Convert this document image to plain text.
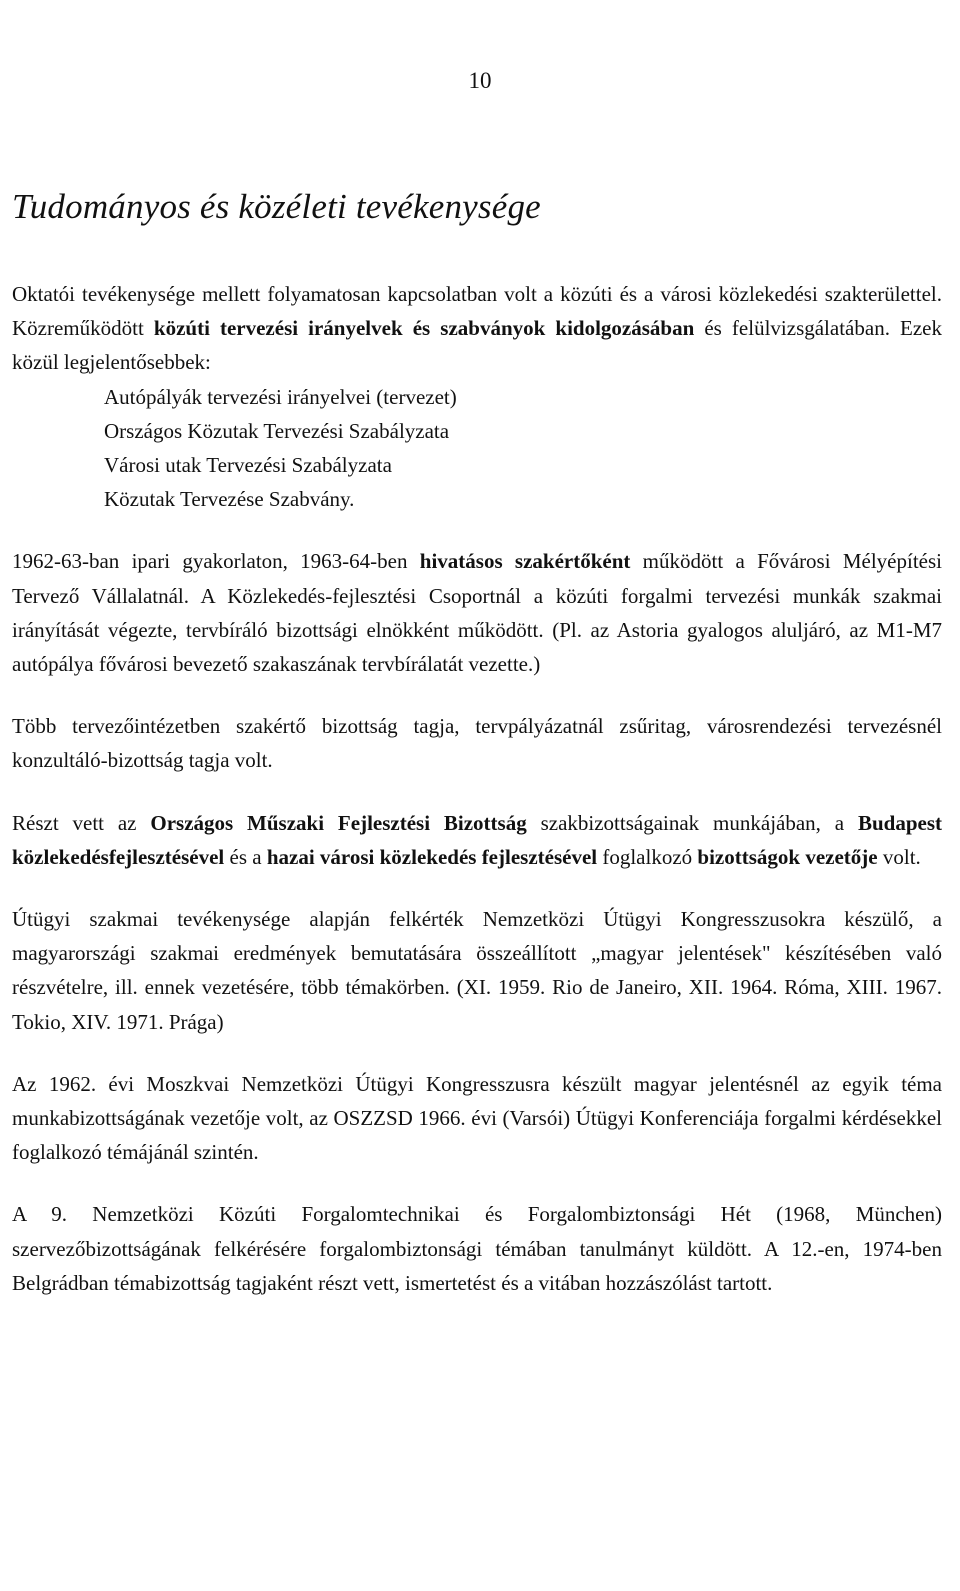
10
Tudományos és közéleti tevékenysége

Oktatói tevékenysége mellett folyamatosan kapcsolatban volt a közúti és a városi közlekedési szakterülettel. Közreműködött közúti tervezési irányelvek és szabványok kidolgozásában és felülvizsgálatában. Ezek közül legjelentősebbek:

Autópályák tervezési irányelvei (tervezet)
Országos Közutak Tervezési Szabályzata
Városi utak Tervezési Szabályzata
Közutak Tervezése Szabvány.

1962-63-ban ipari gyakorlaton, 1963-64-ben hivatásos szakértőként működött a Fővárosi Mélyépítési Tervező Vállalatnál. A Közlekedés-fejlesztési Csoportnál a közúti forgalmi tervezési munkák szakmai irányítását végezte, tervbíráló bizottsági elnökként működött. (Pl. az Astoria gyalogos aluljáró, az M1-M7 autópálya fővárosi bevezető szakaszának tervbírálatát vezette.)

Több tervezőintézetben szakértő bizottság tagja, tervpályázatnál zsűritag, városrendezési tervezésnél konzultáló-bizottság tagja volt.

Részt vett az Országos Műszaki Fejlesztési Bizottság szakbizottságainak munkájában, a Budapest közlekedésfejlesztésével és a hazai városi közlekedés fejlesztésével foglalkozó bizottságok vezetője volt.

Útügyi szakmai tevékenysége alapján felkérték Nemzetközi Útügyi Kongresszusokra készülő, a magyarországi szakmai eredmények bemutatására összeállított „magyar jelentések" készítésében való részvételre, ill. ennek vezetésére, több témakörben. (XI. 1959. Rio de Janeiro, XII. 1964. Róma, XIII. 1967. Tokio, XIV. 1971. Prága)

Az 1962. évi Moszkvai Nemzetközi Útügyi Kongresszusra készült magyar jelentésnél az egyik téma munkabizottságának vezetője volt, az OSZZSD 1966. évi (Varsói) Útügyi Konferenciája forgalmi kérdésekkel foglalkozó témájánál szintén.

A 9. Nemzetközi Közúti Forgalomtechnikai és Forgalombiztonsági Hét (1968, München) szervezőbizottságának felkérésére forgalombiztonsági témában tanulmányt küldött. A 12.-en, 1974-ben Belgrádban témabizottság tagjaként részt vett, ismertetést és a vitában hozzászólást tartott.
